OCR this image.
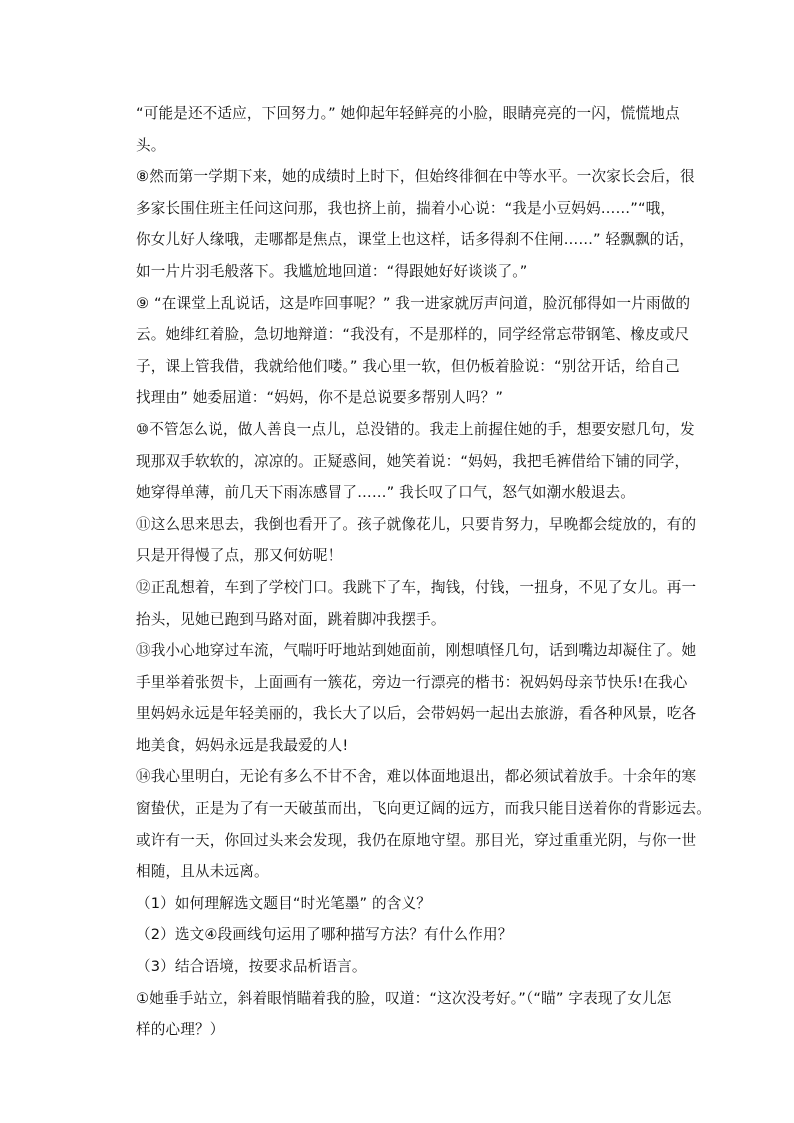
“可能是还不适应，下回努力。” 她仰起年轻鲜亮的小脸，眼睛亮亮的一闪，慌慌地点
头。
⑧然而第一学期下来，她的成绩时上时下，但始终徘徊在中等水平。一次家长会后，很
多家长围住班主任问这问那，我也挤上前，揣着小心说：“我是小豆妈妈……”“哦，
你女儿好人缘哦，走哪都是焦点，课堂上也这样，话多得刹不住闸……” 轻飘飘的话，
如一片片羽毛般落下。我尴尬地回道：“得跟她好好谈谈了。”
⑨ “在课堂上乱说话，这是咋回事呢？” 我一进家就厉声问道，脸沉郁得如一片雨做的
云。她绯红着脸，急切地辩道：“我没有，不是那样的，同学经常忘带钢笔、橡皮或尺
子，课上管我借，我就给他们喽。” 我心里一软，但仍板着脸说：“别岔开话，给自己
找理由” 她委屈道：“妈妈，你不是总说要多帮别人吗？”
⑩不管怎么说，做人善良一点儿，总没错的。我走上前握住她的手，想要安慰几句，发
现那双手软软的，凉凉的。正疑惑间，她笑着说：“妈妈，我把毛裤借给下铺的同学，
她穿得单薄，前几天下雨冻感冒了……” 我长叹了口气，怒气如潮水般退去。
⑪这么思来思去，我倒也看开了。孩子就像花儿，只要肯努力，早晚都会绽放的，有的
只是开得慢了点，那又何妨呢！
⑫正乱想着，车到了学校门口。我跳下了车，掏钱，付钱，一扭身，不见了女儿。再一
抬头，见她已跑到马路对面，跳着脚冲我摆手。
⑬我小心地穿过车流，气喘吁吁地站到她面前，刚想嗔怪几句，话到嘴边却凝住了。她
手里举着张贺卡，上面画有一簇花，旁边一行漂亮的楷书：祝妈妈母亲节快乐!在我心
里妈妈永远是年轻美丽的，我长大了以后，会带妈妈一起出去旅游，看各种风景，吃各
地美食，妈妈永远是我最爱的人!
⑭我心里明白，无论有多么不甘不舍，难以体面地退出，都必须试着放手。十余年的寒
窗蛰伏，正是为了有一天破茧而出，飞向更辽阔的远方，而我只能目送着你的背影远去。
或许有一天，你回过头来会发现，我仍在原地守望。那目光，穿过重重光阴，与你一世
相随，且从未远离。
（1）如何理解选文题目“时光笔墨” 的含义？
（2）选文④段画线句运用了哪种描写方法？有什么作用？
（3）结合语境，按要求品析语言。
①她垂手站立，斜着眼悄瞄着我的脸，叹道：“这次没考好。”（“瞄” 字表现了女儿怎
样的心理？）
